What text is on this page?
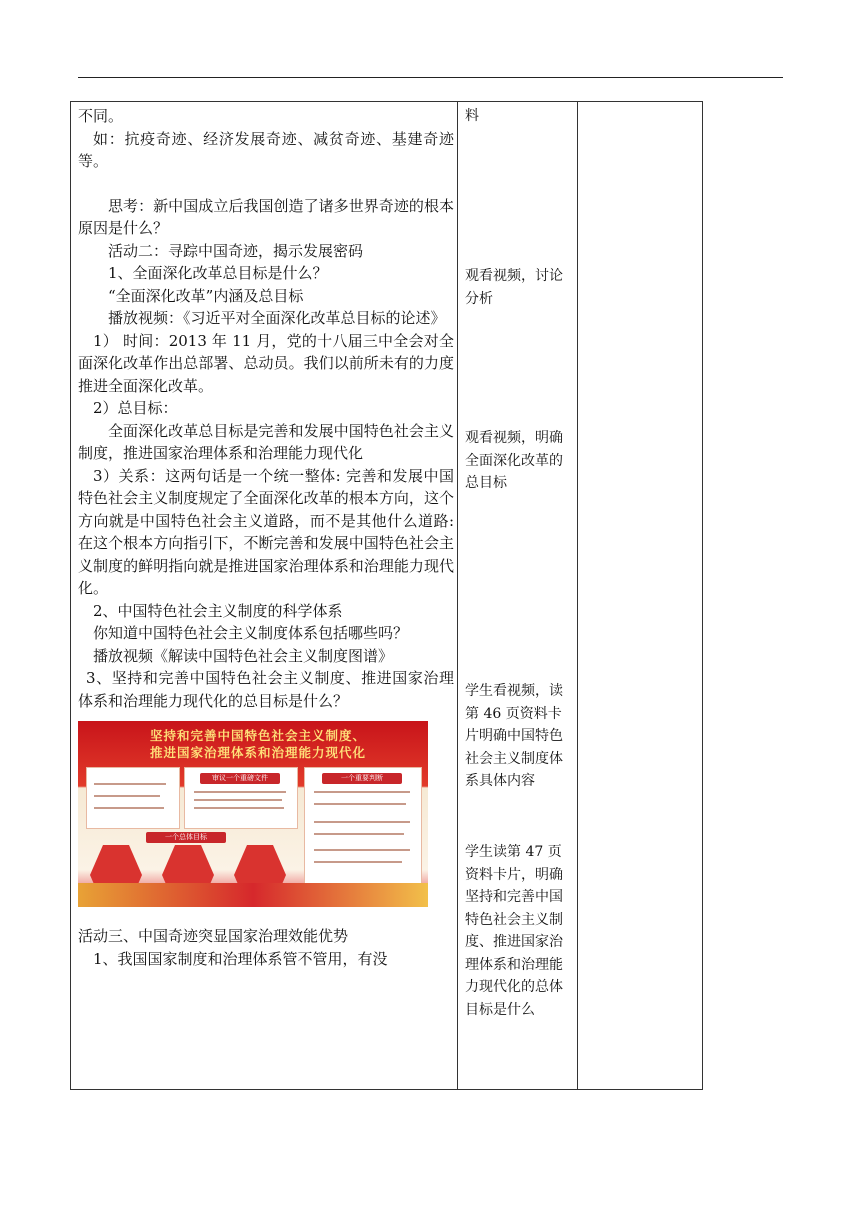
不同。

如：抗疫奇迹、经济发展奇迹、减贫奇迹、基建奇迹等。

思考：新中国成立后我国创造了诸多世界奇迹的根本原因是什么？

活动二：寻踪中国奇迹，揭示发展密码

1、全面深化改革总目标是什么？

“全面深化改革”内涵及总目标

播放视频：《习近平对全面深化改革总目标的论述》

1） 时间：2013 年 11 月，党的十八届三中全会对全面深化改革作出总部署、总动员。我们以前所未有的力度推进全面深化改革。

2）总目标：

全面深化改革总目标是完善和发展中国特色社会主义制度，推进国家治理体系和治理能力现代化

3）关系：这两句话是一个统一整体: 完善和发展中国特色社会主义制度规定了全面深化改革的根本方向，这个方向就是中国特色社会主义道路，而不是其他什么道路:在这个根本方向指引下，不断完善和发展中国特色社会主义制度的鲜明指向就是推进国家治理体系和治理能力现代化。

2、中国特色社会主义制度的科学体系

你知道中国特色社会主义制度体系包括哪些吗？

播放视频《解读中国特色社会主义制度图谱》

3、坚持和完善中国特色社会主义制度、推进国家治理体系和治理能力现代化的总目标是什么？

坚持和完善中国特色社会主义制度、
推进国家治理体系和治理能力现代化
审议一个重磅文件	一个重要判断
一个总体目标

活动三、中国奇迹突显国家治理效能优势

1、我国国家制度和治理体系管不管用，有没

料

观看视频，讨论分析

观看视频，明确全面深化改革的总目标

学生看视频，读第 46 页资料卡片明确中国特色社会主义制度体系具体内容

学生读第 47 页资料卡片，明确坚持和完善中国特色社会主义制度、推进国家治理体系和治理能力现代化的总体目标是什么
